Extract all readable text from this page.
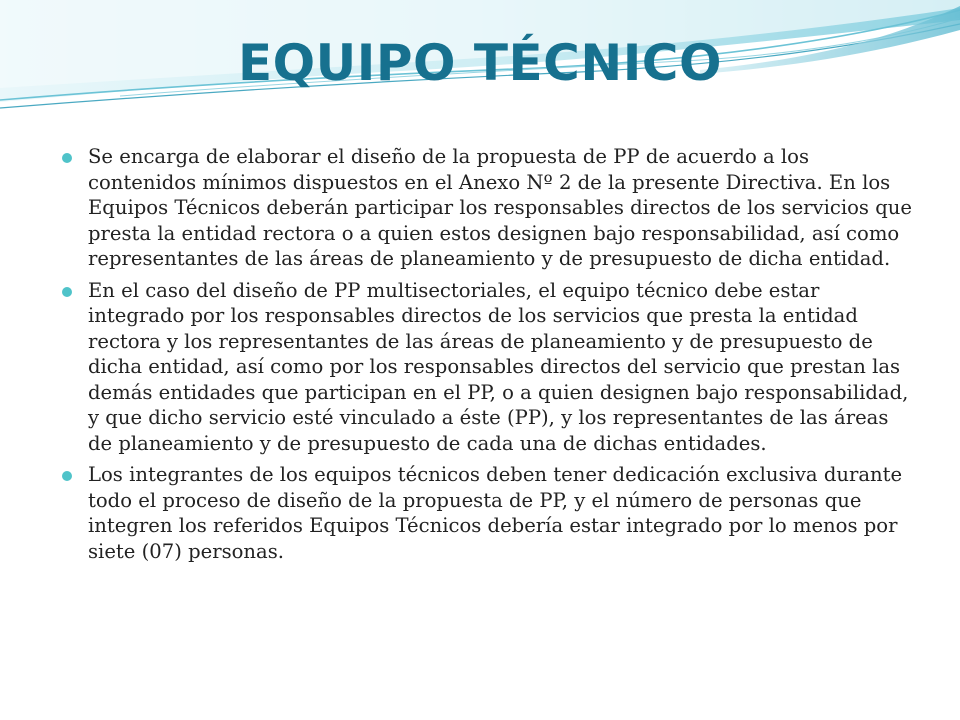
EQUIPO TÉCNICO
Se encarga de elaborar el diseño de la propuesta de PP de acuerdo a los contenidos mínimos dispuestos en el Anexo Nº 2 de la presente Directiva. En los Equipos Técnicos deberán participar los responsables directos de los servicios que presta la entidad rectora o a quien estos designen bajo responsabilidad, así como representantes de las áreas de planeamiento y de presupuesto de dicha entidad.
En el caso del diseño de PP multisectoriales, el equipo técnico debe estar integrado por los responsables directos de los servicios que presta la entidad rectora y los representantes de las áreas de planeamiento y de presupuesto de dicha entidad, así como por los responsables directos del servicio que prestan las demás entidades que participan en el PP, o a quien designen bajo responsabilidad, y que dicho servicio esté vinculado a éste (PP), y los representantes de las áreas de planeamiento y de presupuesto de cada una de dichas entidades.
Los integrantes de los equipos técnicos deben tener dedicación exclusiva durante todo el proceso de diseño de la propuesta de PP, y el número de personas que integren los referidos Equipos Técnicos debería estar integrado por lo menos por siete (07) personas.
